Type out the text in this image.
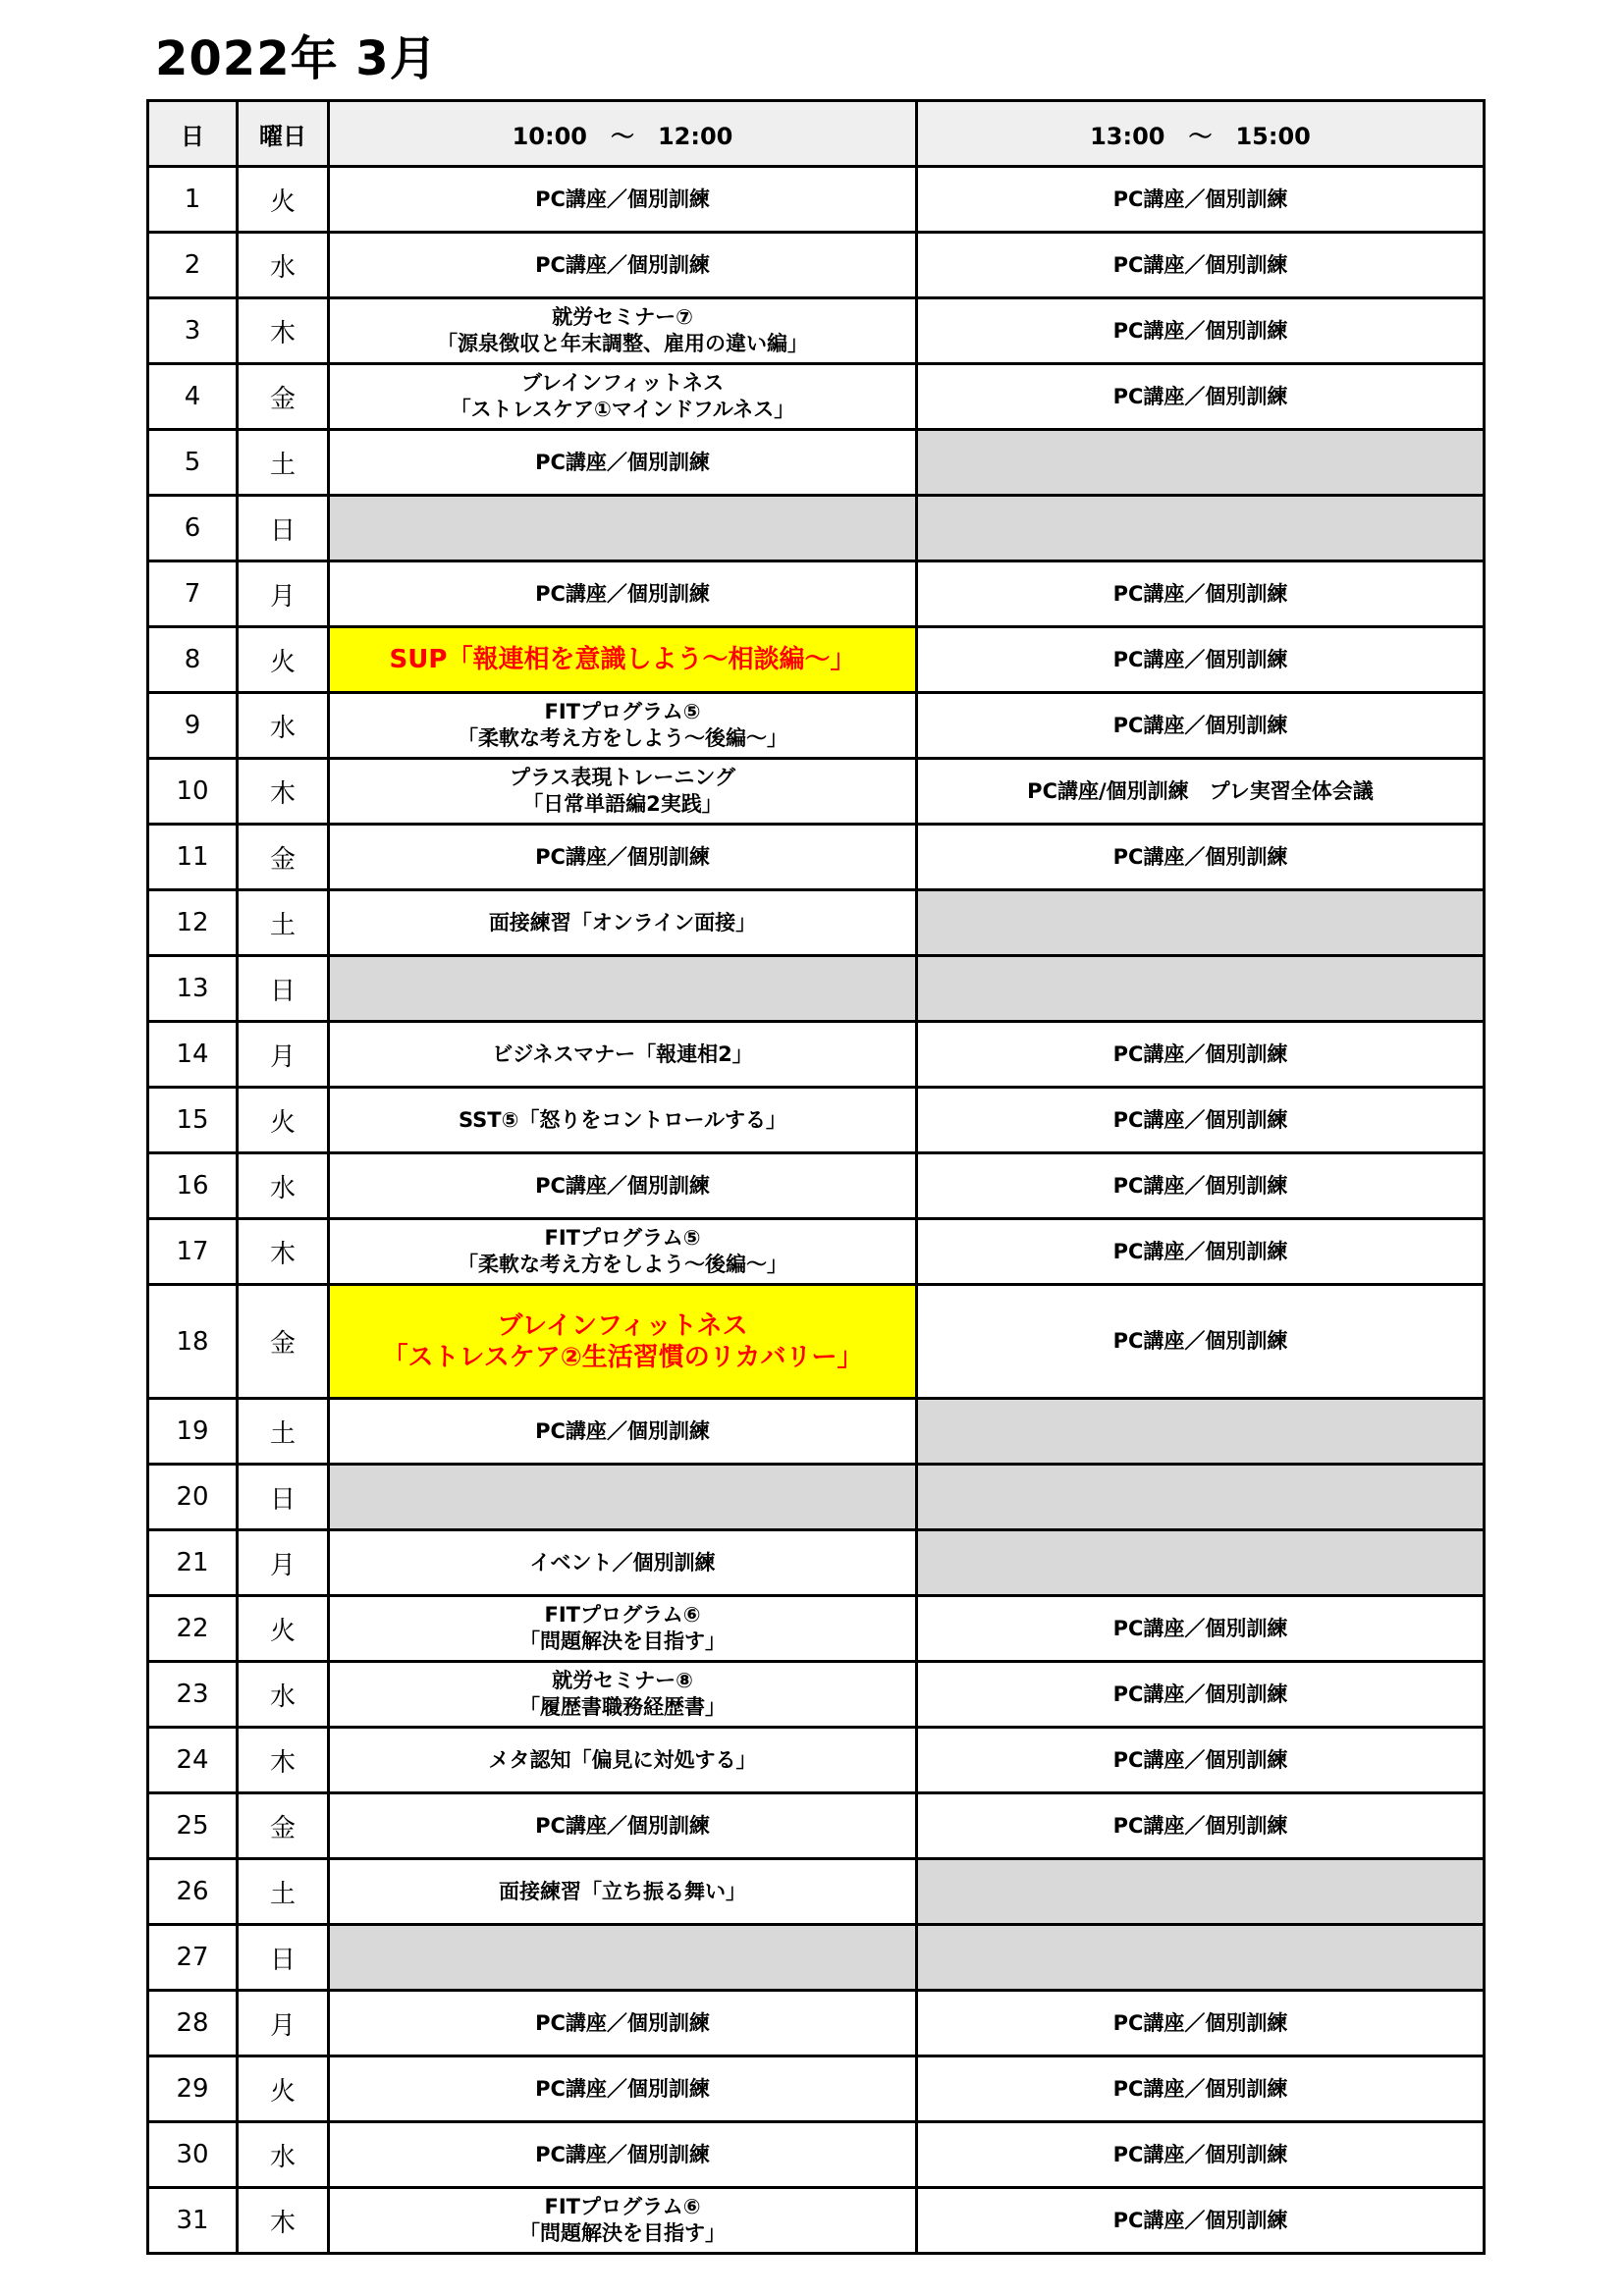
2022年 3月
日	曜日	10:00　～　12:00	13:00　～　15:00
1	火	PC講座／個別訓練	PC講座／個別訓練

2	水	PC講座／個別訓練	PC講座／個別訓練

3	木	就労セミナー⑦
「源泉徴収と年末調整、雇用の違い編」	PC講座／個別訓練

4	金	ブレインフィットネス
「ストレスケア①マインドフルネス」	PC講座／個別訓練

5	土	PC講座／個別訓練	

6	日		
7	月	PC講座／個別訓練	PC講座／個別訓練

8	火	SUP「報連相を意識しよう～相談編～」	PC講座／個別訓練

9	水	FITプログラム⑤
「柔軟な考え方をしよう～後編～」	PC講座／個別訓練

10	木	プラス表現トレーニング
「日常単語編2実践」	PC講座/個別訓練　プレ実習全体会議

11	金	PC講座／個別訓練	PC講座／個別訓練

12	土	面接練習「オンライン面接」	

13	日		
14	月	ビジネスマナー「報連相2」	PC講座／個別訓練

15	火	SST⑤「怒りをコントロールする」	PC講座／個別訓練

16	水	PC講座／個別訓練	PC講座／個別訓練

17	木	FITプログラム⑤
「柔軟な考え方をしよう～後編～」	PC講座／個別訓練

18	金	ブレインフィットネス
「ストレスケア②生活習慣のリカバリー」	PC講座／個別訓練

19	土	PC講座／個別訓練	

20	日		
21	月	イベント／個別訓練	

22	火	FITプログラム⑥
「問題解決を目指す」	PC講座／個別訓練

23	水	就労セミナー⑧
「履歴書職務経歴書」	PC講座／個別訓練

24	木	メタ認知「偏見に対処する」	PC講座／個別訓練

25	金	PC講座／個別訓練	PC講座／個別訓練

26	土	面接練習「立ち振る舞い」	

27	日		
28	月	PC講座／個別訓練	PC講座／個別訓練

29	火	PC講座／個別訓練	PC講座／個別訓練

30	水	PC講座／個別訓練	PC講座／個別訓練

31	木	FITプログラム⑥
「問題解決を目指す」	PC講座／個別訓練
